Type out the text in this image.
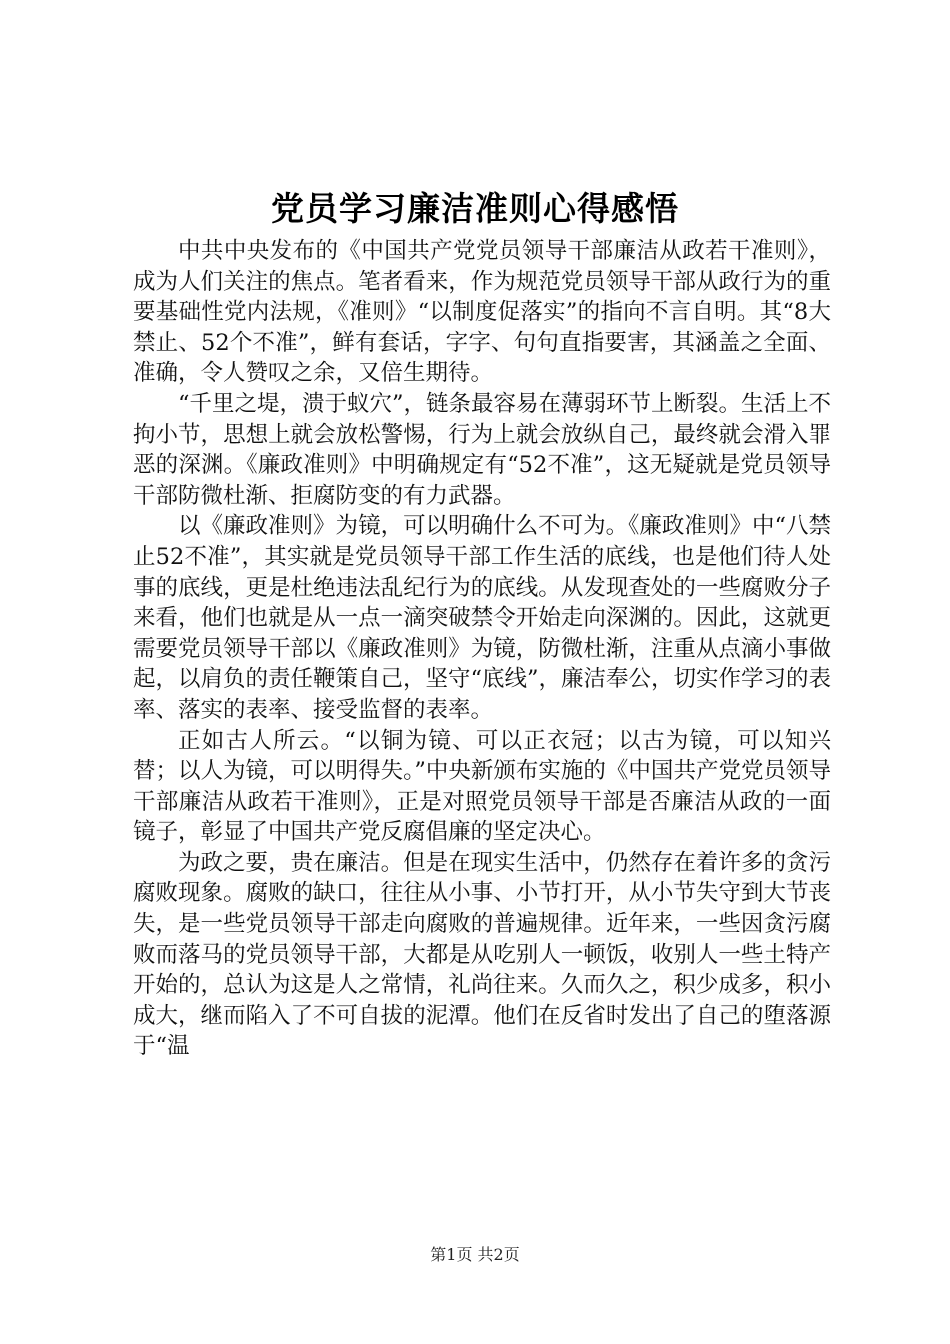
党员学习廉洁准则心得感悟

中共中央发布的《中国共产党党员领导干部廉洁从政若干准则》，成为人们关注的焦点。笔者看来，作为规范党员领导干部从政行为的重要基础性党内法规，《准则》“以制度促落实”的指向不言自明。其“8大禁止、52个不准”，鲜有套话，字字、句句直指要害，其涵盖之全面、准确，令人赞叹之余，又倍生期待。

“千里之堤，溃于蚁穴”，链条最容易在薄弱环节上断裂。生活上不拘小节，思想上就会放松警惕，行为上就会放纵自己，最终就会滑入罪恶的深渊。《廉政准则》中明确规定有“52不准”，这无疑就是党员领导干部防微杜渐、拒腐防变的有力武器。

以《廉政准则》为镜，可以明确什么不可为。《廉政准则》中“八禁止52不准”，其实就是党员领导干部工作生活的底线，也是他们待人处事的底线，更是杜绝违法乱纪行为的底线。从发现查处的一些腐败分子来看，他们也就是从一点一滴突破禁令开始走向深渊的。因此，这就更需要党员领导干部以《廉政准则》为镜，防微杜渐，注重从点滴小事做起，以肩负的责任鞭策自己，坚守“底线”，廉洁奉公，切实作学习的表率、落实的表率、接受监督的表率。

正如古人所云。“以铜为镜、可以正衣冠；以古为镜，可以知兴替；以人为镜，可以明得失。”中央新颁布实施的《中国共产党党员领导干部廉洁从政若干准则》，正是对照党员领导干部是否廉洁从政的一面镜子，彰显了中国共产党反腐倡廉的坚定决心。

为政之要，贵在廉洁。但是在现实生活中，仍然存在着许多的贪污腐败现象。腐败的缺口，往往从小事、小节打开，从小节失守到大节丧失，是一些党员领导干部走向腐败的普遍规律。近年来，一些因贪污腐败而落马的党员领导干部，大都是从吃别人一顿饭，收别人一些土特产开始的，总认为这是人之常情，礼尚往来。久而久之，积少成多，积小成大，继而陷入了不可自拔的泥潭。他们在反省时发出了自己的堕落源于“温

第1页 共2页
